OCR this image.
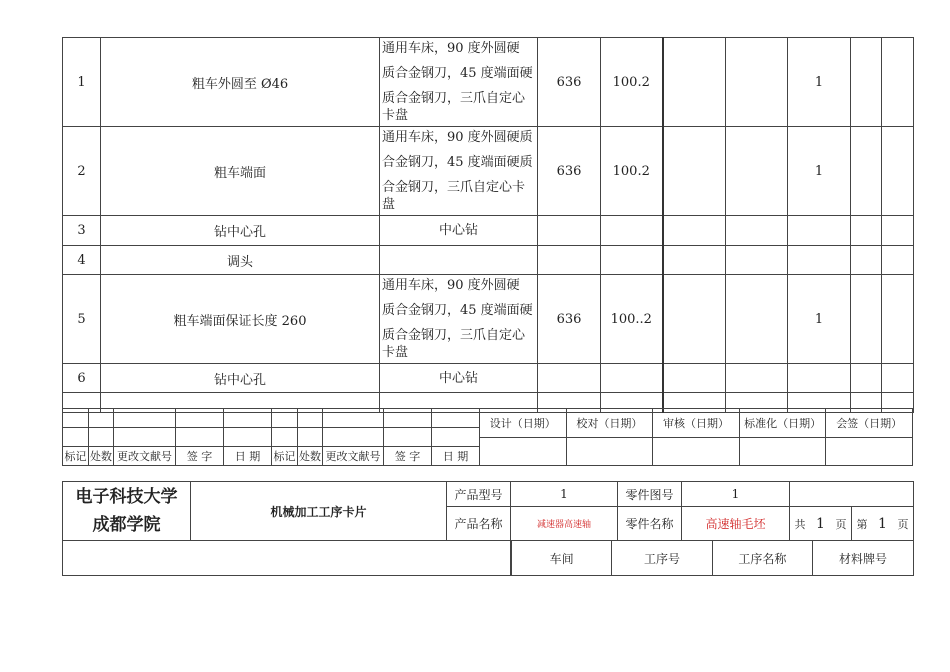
1	粗车外圆至 Ø46	通用车床，90 度外圆硬
质合金钢刀，45 度端面硬
质合金钢刀，三爪自定心
卡盘	636	100.2			1		
2	粗车端面	通用车床，90 度外圆硬质
合金钢刀，45 度端面硬质
合金钢刀，三爪自定心卡
盘	636	100.2			1		
3	钻中心孔	中心钻							

4	调头								
5	粗车端面保证长度 260	通用车床，90 度外圆硬
质合金钢刀，45 度端面硬
质合金钢刀，三爪自定心
卡盘	636	100..2			1		
6	钻中心孔	中心钻							

标记	处数	更改文献号	签 字	日 期	标记	处数	更改文献号	签 字	日 期
设计（日期）	校对（日期）	审核（日期）	标准化（日期）	会签（日期）

电子科技大学
成都学院
	机械加工工序卡片	产品型号	1	零件图号	1	
产品名称	减速器高速轴	零件名称	高速轴毛坯	共 1 页	第 1 页

车间	工序号	工序名称	材料牌号
